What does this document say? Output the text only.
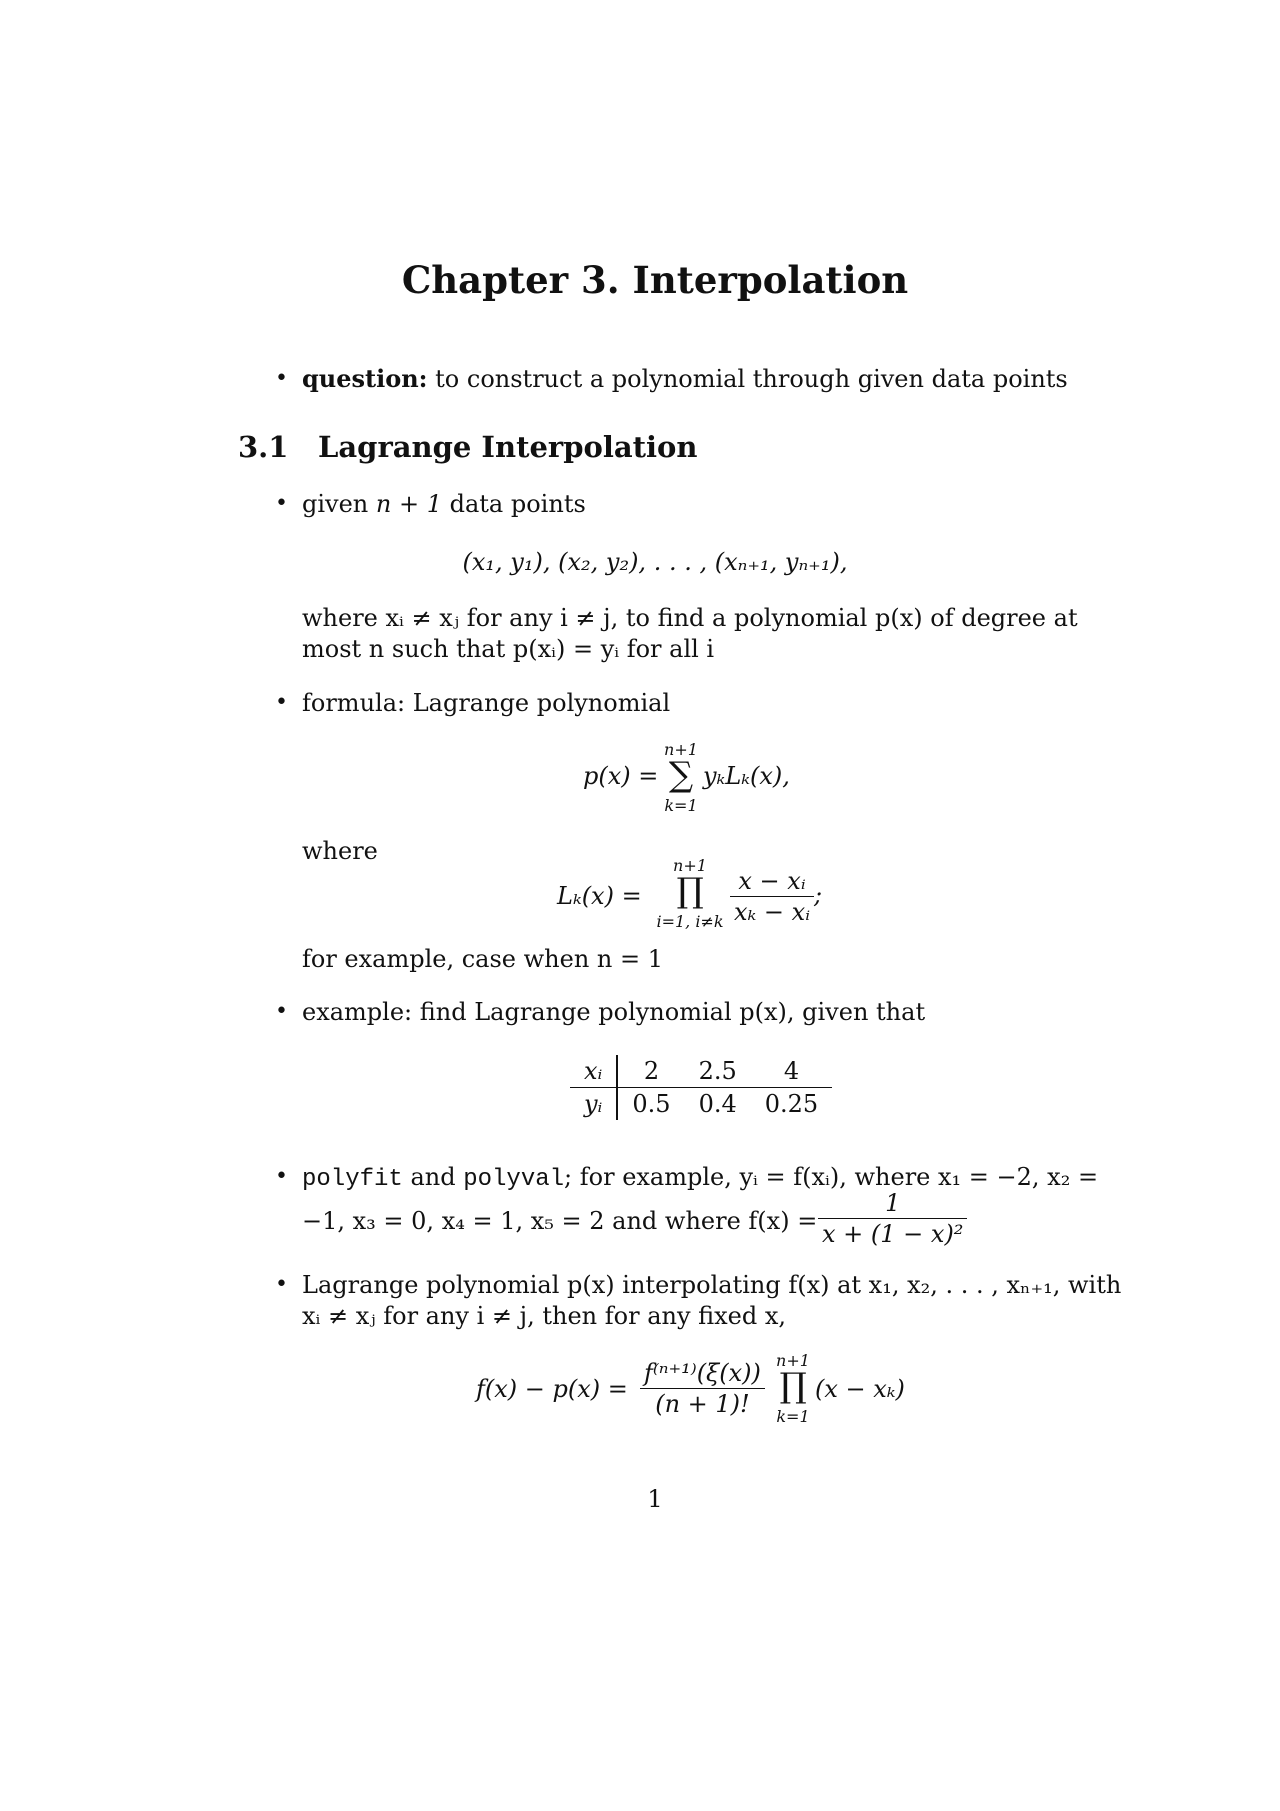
Chapter 3. Interpolation
• question: to construct a polynomial through given data points
3.1 Lagrange Interpolation
• given n + 1 data points
(x₁, y₁), (x₂, y₂), . . . , (xₙ₊₁, yₙ₊₁),
where xᵢ ≠ xⱼ for any i ≠ j, to find a polynomial p(x) of degree at
most n such that p(xᵢ) = yᵢ for all i
• formula: Lagrange polynomial
p(x) =
n+1
∑
k=1
yₖLₖ(x),
where
Lₖ(x) =
n+1
∏
i=1, $i\ne k \frac{\text{x − xᵢ}}{\text{xₖ − xᵢ}}$ ;
for example, case when n = 1
• example: find Lagrange polynomial p(x), given that
xᵢ	2	2.5	4
yᵢ	0.5	0.4	0.25
• polyfit and polyval; for example, yᵢ = f(xᵢ), where x₁ = −2, x₂ =
−1, x₃ = 0, x₄ = 1, x₅ = 2 and where $f(x) = \frac{1}{\text{x + (1 − x)²}}$
• Lagrange polynomial p(x) interpolating f(x) at x₁, x₂, . . . , xₙ₊₁, with
xᵢ ≠ xⱼ for any i ≠ j, then for any fixed x,
$f(x) - p(x) = \frac{\text{f⁽ⁿ⁺¹⁾(ξ(x))}}{(n + 1)!} n+1$
∏
k=1
(x − xₖ)
1
